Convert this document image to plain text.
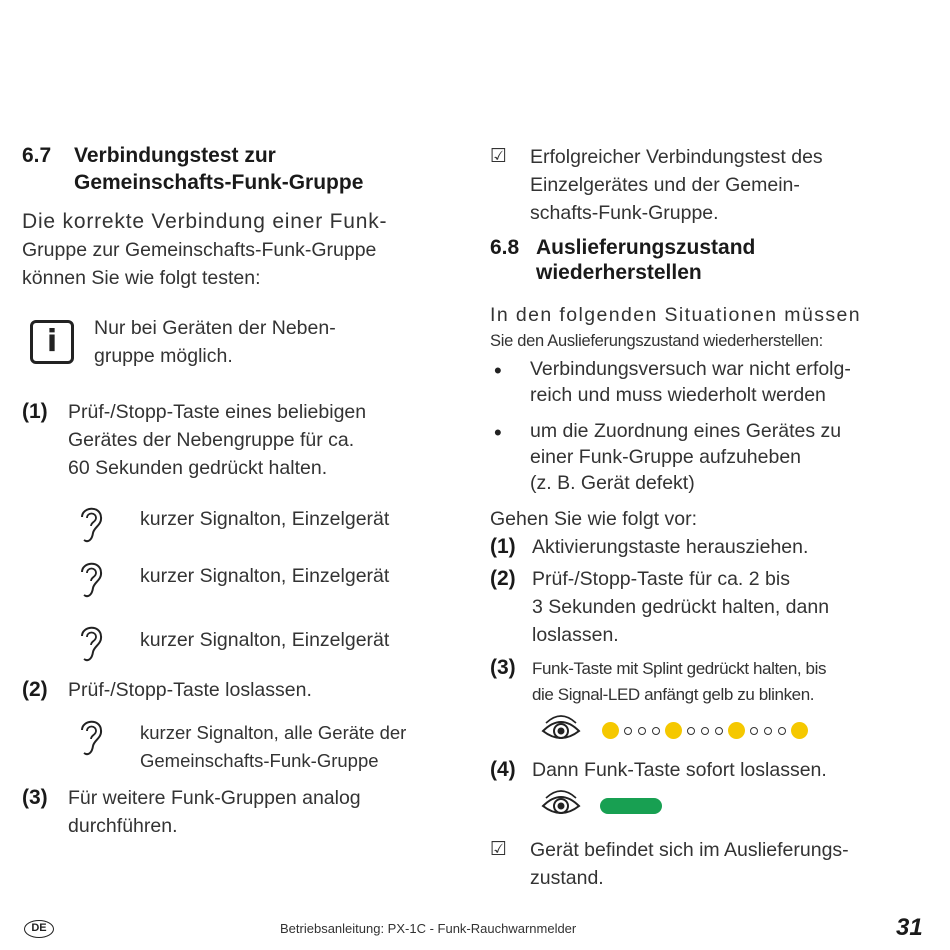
6.7 Verbindungstest zur
Gemeinschafts-Funk-Gruppe
Die korrekte Verbindung einer Funk-
Gruppe zur Gemeinschafts-Funk-Gruppe
können Sie wie folgt testen:
i	Nur bei Geräten der Neben-
gruppe möglich.
(1) Prüf-/Stopp-Taste eines beliebigen
Gerätes der Nebengruppe für ca.
60 Sekunden gedrückt halten.
kurzer Signalton, Einzelgerät
kurzer Signalton, Einzelgerät
kurzer Signalton, Einzelgerät
(2) Prüf-/Stopp-Taste loslassen.
kurzer Signalton, alle Geräte der
Gemeinschafts-Funk-Gruppe
(3) Für weitere Funk-Gruppen analog
durchführen.
☑ Erfolgreicher Verbindungstest des
Einzelgerätes und der Gemein-
schafts-Funk-Gruppe.
6.8 Auslieferungszustand
wiederherstellen
In den folgenden Situationen müssen
Sie den Auslieferungszustand wiederherstellen:
• Verbindungsversuch war nicht erfolg-
reich und muss wiederholt werden
• um die Zuordnung eines Gerätes zu
einer Funk-Gruppe aufzuheben
(z. B. Gerät defekt)
Gehen Sie wie folgt vor:
(1) Aktivierungstaste herausziehen.
(2) Prüf-/Stopp-Taste für ca. 2 bis
3 Sekunden gedrückt halten, dann
loslassen.
(3) Funk-Taste mit Splint gedrückt halten, bis
die Signal-LED anfängt gelb zu blinken.
(4) Dann Funk-Taste sofort loslassen.
☑ Gerät befindet sich im Auslieferungs-
zustand.
DE	Betriebsanleitung: PX-1C - Funk-Rauchwarnmelder	31
